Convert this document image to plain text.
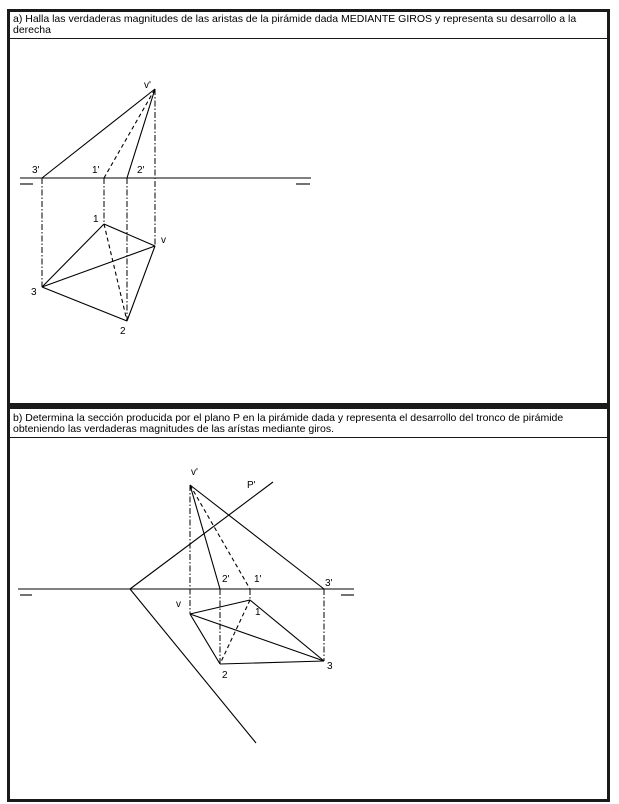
a) Halla las verdaderas magnitudes de las aristas de la pirámide dada MEDIANTE GIROS y representa su desarrollo a la derecha
b) Determina la sección producida por el plano P en la pirámide dada y representa el desarrollo del tronco de pirámide obteniendo las verdaderas magnitudes de las arístas mediante giros.
v'
3'	1'	2'
1
v
3
2
v'
P'
2' 1'	3'
v
1
2
3
